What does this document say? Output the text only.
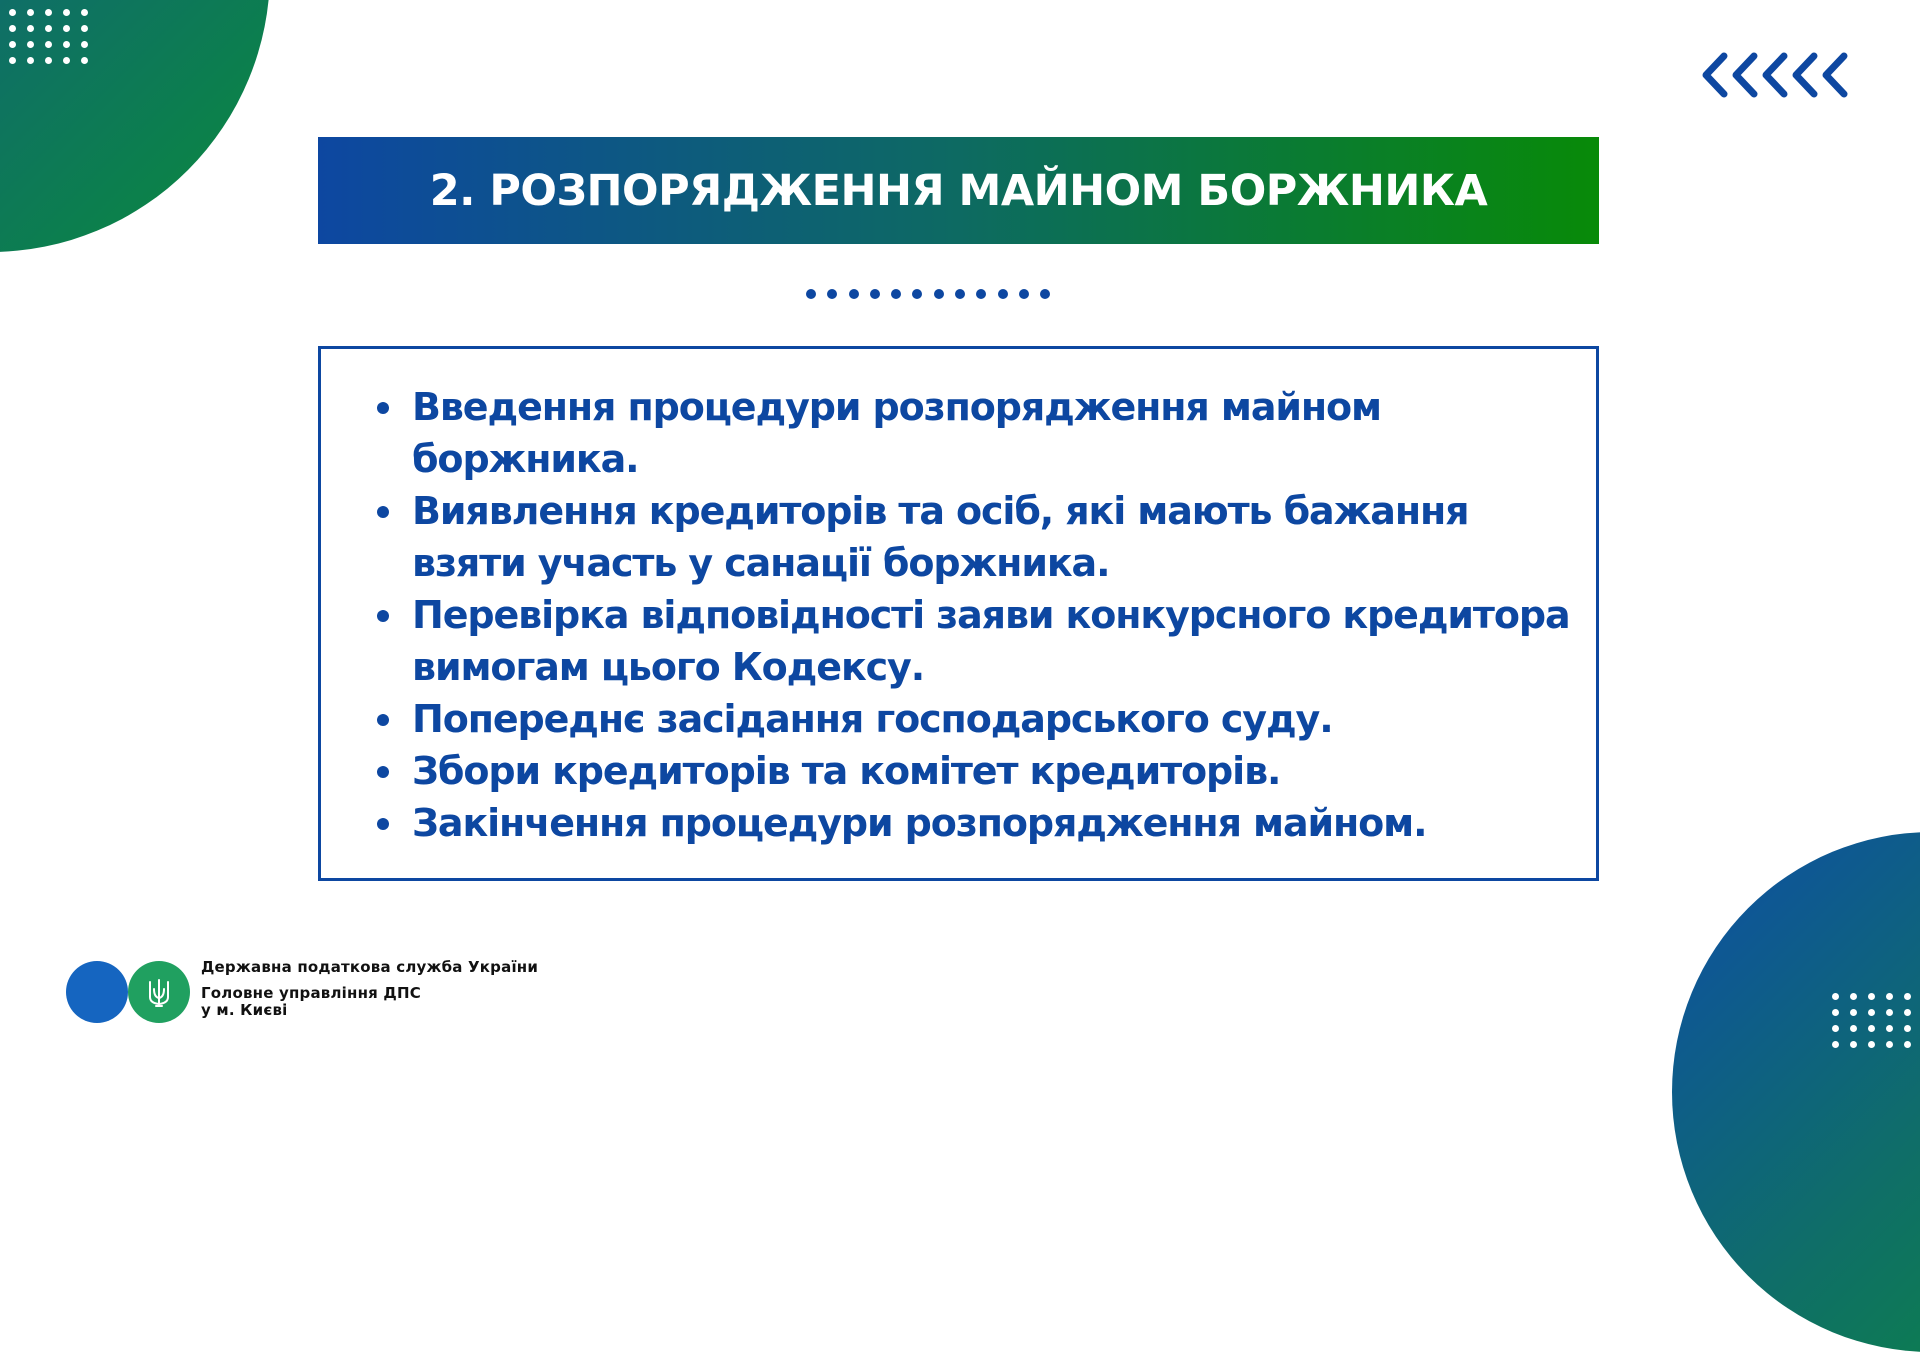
2. РОЗПОРЯДЖЕННЯ МАЙНОМ БОРЖНИКА
Введення процедури розпорядження майном боржника.
Виявлення кредиторів та осіб, які мають бажання взяти участь у санації боржника.
Перевірка відповідності заяви конкурсного кредитора вимогам цього Кодексу.
Попереднє засідання господарського суду.
Збори кредиторів та комітет кредиторів.
Закінчення процедури розпорядження майном.
Державна податкова служба України
Головне управління ДПС
у м. Києві
